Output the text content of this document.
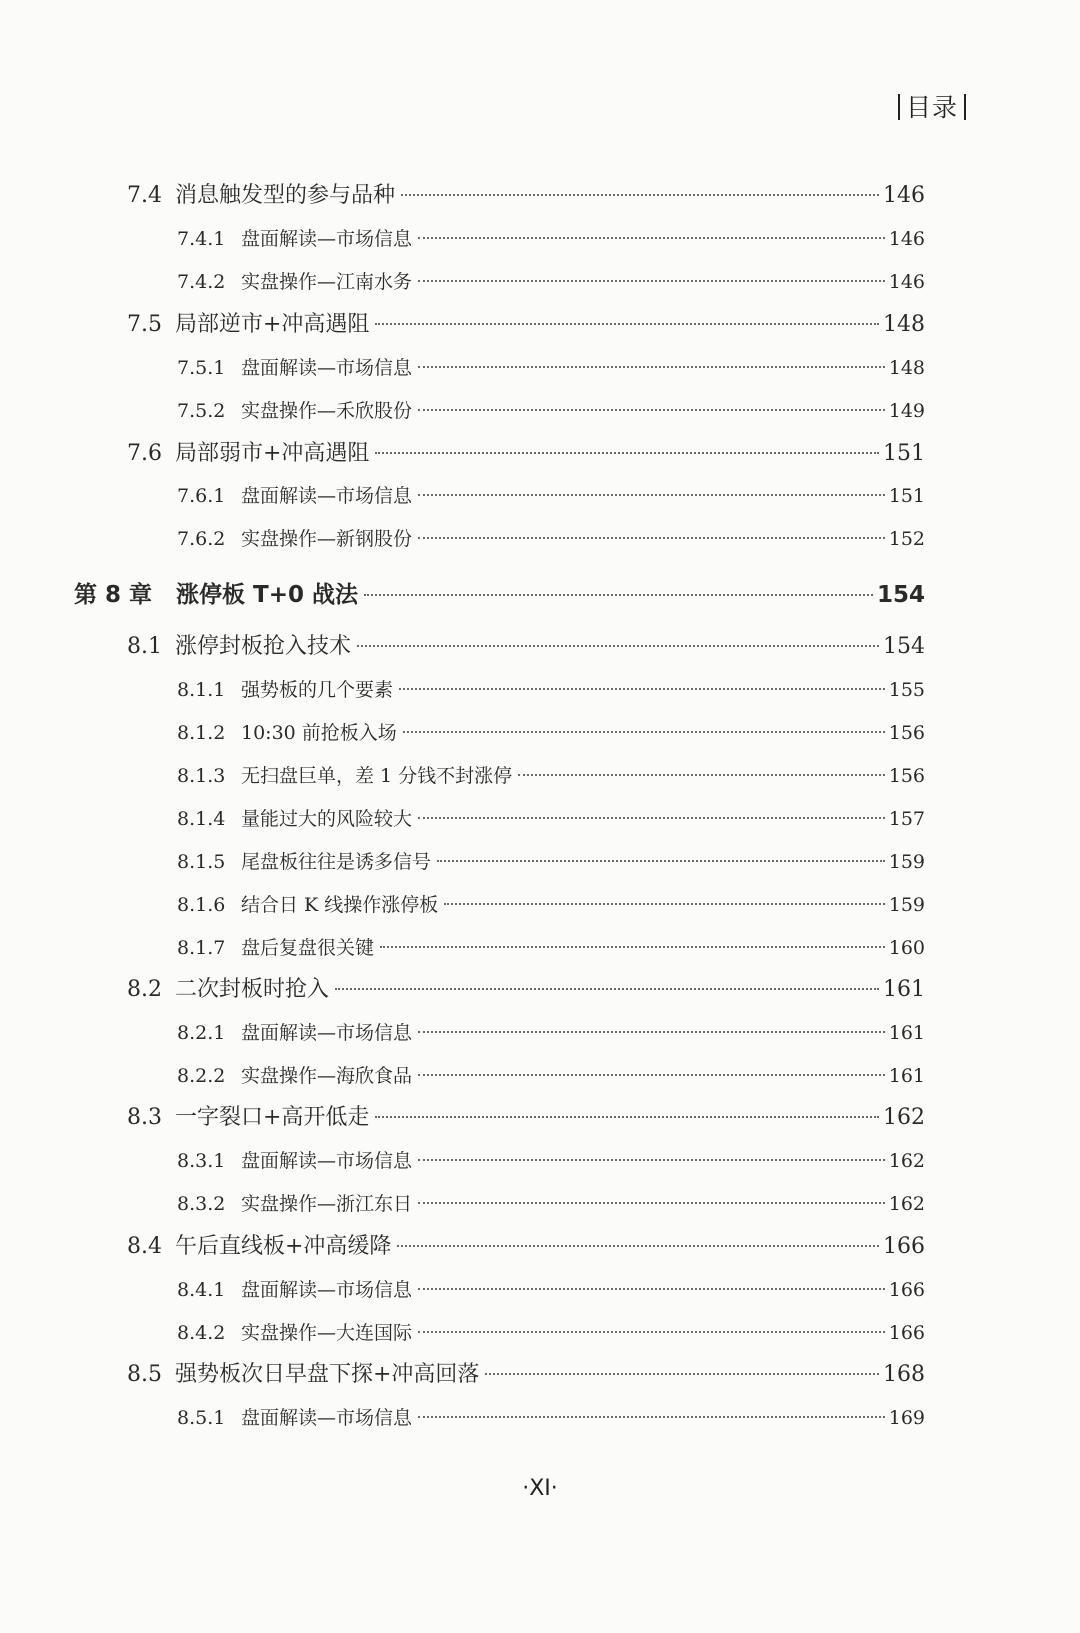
目录
7.4 消息触发型的参与品种	146
7.4.1 盘面解读—市场信息	146
7.4.2 实盘操作—江南水务	146
7.5 局部逆市+冲高遇阻	148
7.5.1 盘面解读—市场信息	148
7.5.2 实盘操作—禾欣股份	149
7.6 局部弱市+冲高遇阻	151
7.6.1 盘面解读—市场信息	151
7.6.2 实盘操作—新钢股份	152
第 8 章	涨停板 T+0 战法	154
8.1 涨停封板抢入技术	154
8.1.1 强势板的几个要素	155
8.1.2 10:30 前抢板入场	156
8.1.3 无扫盘巨单，差 1 分钱不封涨停	156
8.1.4 量能过大的风险较大	157
8.1.5 尾盘板往往是诱多信号	159
8.1.6 结合日 K 线操作涨停板	159
8.1.7 盘后复盘很关键	160
8.2 二次封板时抢入	161
8.2.1 盘面解读—市场信息	161
8.2.2 实盘操作—海欣食品	161
8.3 一字裂口+高开低走	162
8.3.1 盘面解读—市场信息	162
8.3.2 实盘操作—浙江东日	162
8.4 午后直线板+冲高缓降	166
8.4.1 盘面解读—市场信息	166
8.4.2 实盘操作—大连国际	166
8.5 强势板次日早盘下探+冲高回落	168
8.5.1 盘面解读—市场信息	169
·XI·
